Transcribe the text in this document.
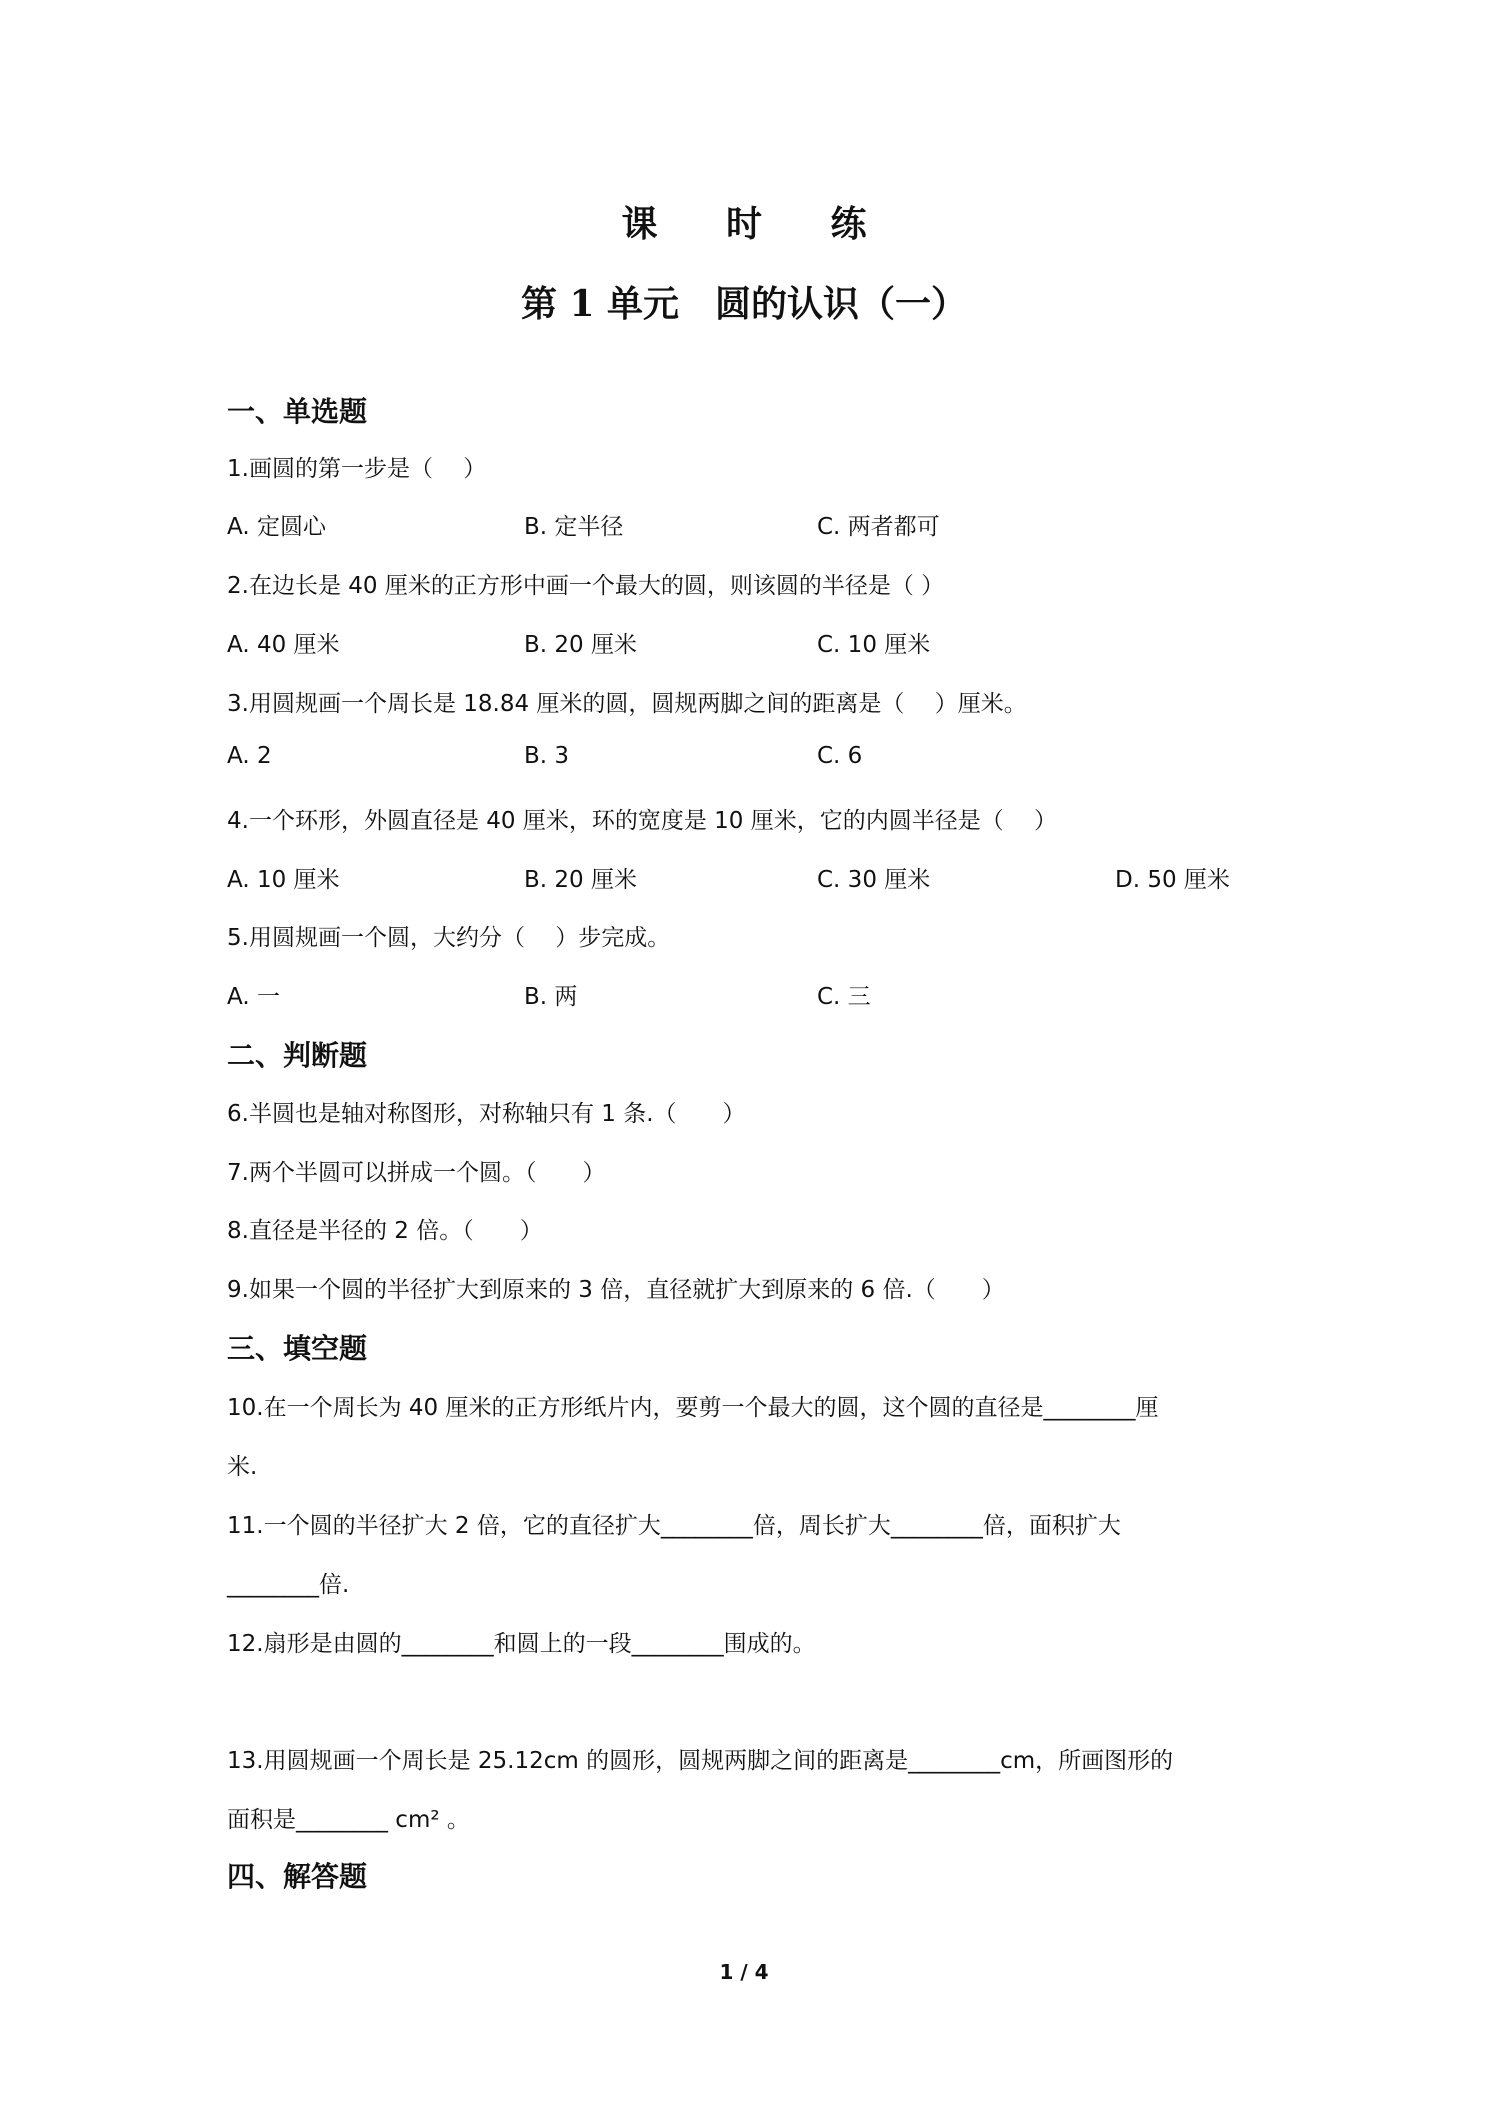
课 时 练
第 1 单元　圆的认识（一）
一、单选题
1.画圆的第一步是（　 ）
A. 定圆心	B. 定半径	C. 两者都可
2.在边长是 40 厘米的正方形中画一个最大的圆，则该圆的半径是（ ）
A. 40 厘米	B. 20 厘米	C. 10 厘米
3.用圆规画一个周长是 18.84 厘米的圆，圆规两脚之间的距离是（　 ）厘米。
A. 2	B. 3	C. 6
4.一个环形，外圆直径是 40 厘米，环的宽度是 10 厘米，它的内圆半径是（　 ）
A. 10 厘米	B. 20 厘米	C. 30 厘米	D. 50 厘米
5.用圆规画一个圆，大约分（　 ）步完成。
A. 一	B. 两	C. 三
二、判断题
6.半圆也是轴对称图形，对称轴只有 1 条.（　　）
7.两个半圆可以拼成一个圆。（　　）
8.直径是半径的 2 倍。（　　）
9.如果一个圆的半径扩大到原来的 3 倍，直径就扩大到原来的 6 倍.（　　）
三、填空题
10.在一个周长为 40 厘米的正方形纸片内，要剪一个最大的圆，这个圆的直径是________厘
米.
11.一个圆的半径扩大 2 倍，它的直径扩大________倍，周长扩大________倍，面积扩大
________倍.
12.扇形是由圆的________和圆上的一段________围成的。
13.用圆规画一个周长是 25.12cm 的圆形，圆规两脚之间的距离是________cm，所画图形的
面积是________ cm² 。
四、解答题
1 / 4
